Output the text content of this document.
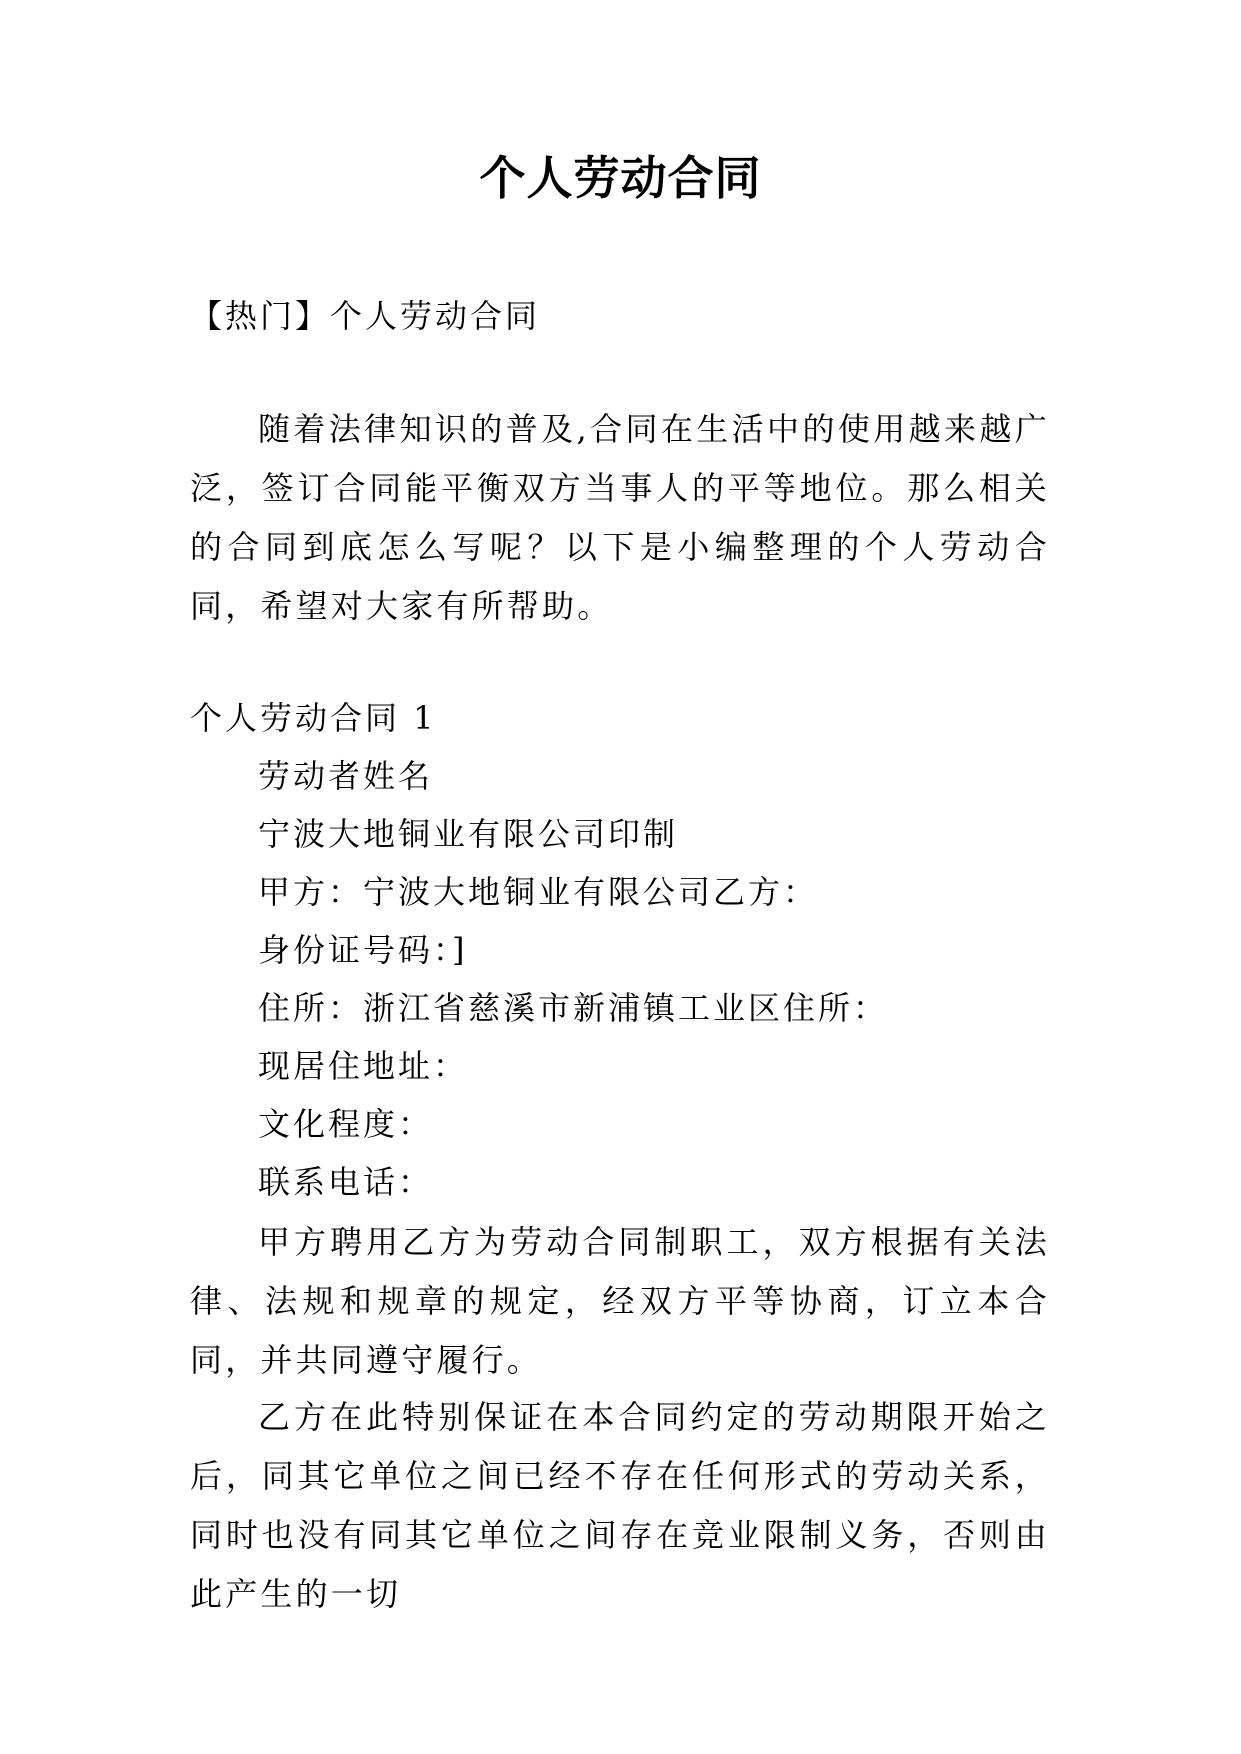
个人劳动合同
【热门】个人劳动合同
随着法律知识的普及,合同在生活中的使用越来越广泛，签订合同能平衡双方当事人的平等地位。那么相关的合同到底怎么写呢？以下是小编整理的个人劳动合同，希望对大家有所帮助。
个人劳动合同 1
劳动者姓名
宁波大地铜业有限公司印制
甲方：宁波大地铜业有限公司乙方：
身份证号码：]
住所：浙江省慈溪市新浦镇工业区住所：
现居住地址：
文化程度：
联系电话：
甲方聘用乙方为劳动合同制职工，双方根据有关法律、法规和规章的规定，经双方平等协商，订立本合同，并共同遵守履行。
乙方在此特别保证在本合同约定的劳动期限开始之后，同其它单位之间已经不存在任何形式的劳动关系，同时也没有同其它单位之间存在竞业限制义务，否则由此产生的一切
